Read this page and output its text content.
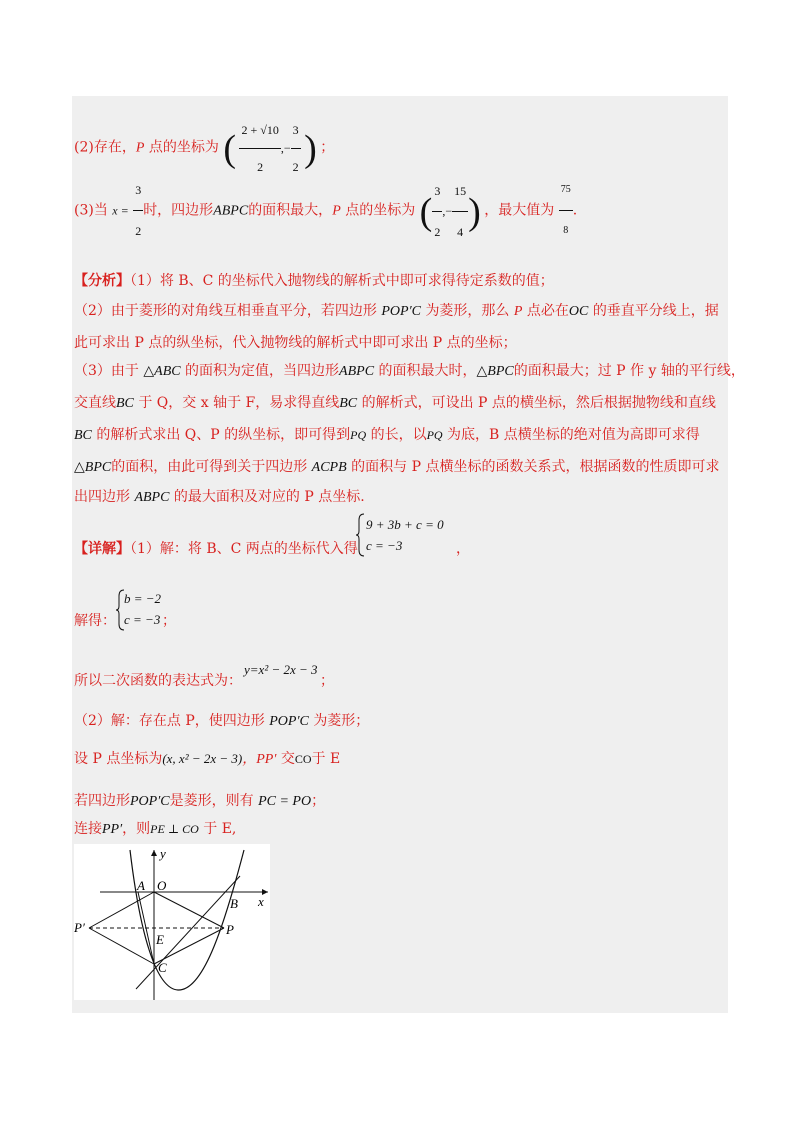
(2)存在，P 点的坐标为 ( $\frac{2 + √10}{2}$ ,− $\frac{3}{2}$ ) ；
(3)当 $x = \frac{3}{2}$ 时，四边形ABPC的面积最大，P 点的坐标为 ( $\frac{3}{2}$ ,− $\frac{15}{4}$ ) ，最大值为 $\frac{75}{8}$ .
【分析】（1）将 B、C 的坐标代入抛物线的解析式中即可求得待定系数的值；
（2）由于菱形的对角线互相垂直平分，若四边形 POP′C 为菱形，那么 P 点必在OC 的垂直平分线上，据
此可求出 P 点的纵坐标，代入抛物线的解析式中即可求出 P 点的坐标；
（3）由于 △ABC 的面积为定值，当四边形ABPC 的面积最大时，△BPC的面积最大；过 P 作 y 轴的平行线，
交直线BC 于 Q，交 x 轴于 F，易求得直线BC 的解析式，可设出 P 点的横坐标，然后根据抛物线和直线
BC 的解析式求出 Q、P 的纵坐标，即可得到PQ 的长，以PQ 为底，B 点横坐标的绝对值为高即可求得
△BPC的面积，由此可得到关于四边形 ACPB 的面积与 P 点横坐标的函数关系式，根据函数的性质即可求
出四边形 ABPC 的最大面积及对应的 P 点坐标.
【详解】（1）解：将 B、C 两点的坐标代入得
9 + 3b + c = 0
c = −3	，
解得：
b = −2
c = −3 ；
所以二次函数的表达式为：
y=x² − 2x − 3
；
（2）解：存在点 P，使四边形 POP′C 为菱形；
设 P 点坐标为(x, x² − 2x − 3)，PP′ 交CO于 E
若四边形POP′C是菱形，则有 PC = PO；
连接PP′，则PE ⊥ CO 于 E,
y
x
A O
B
P′	P
E
C
